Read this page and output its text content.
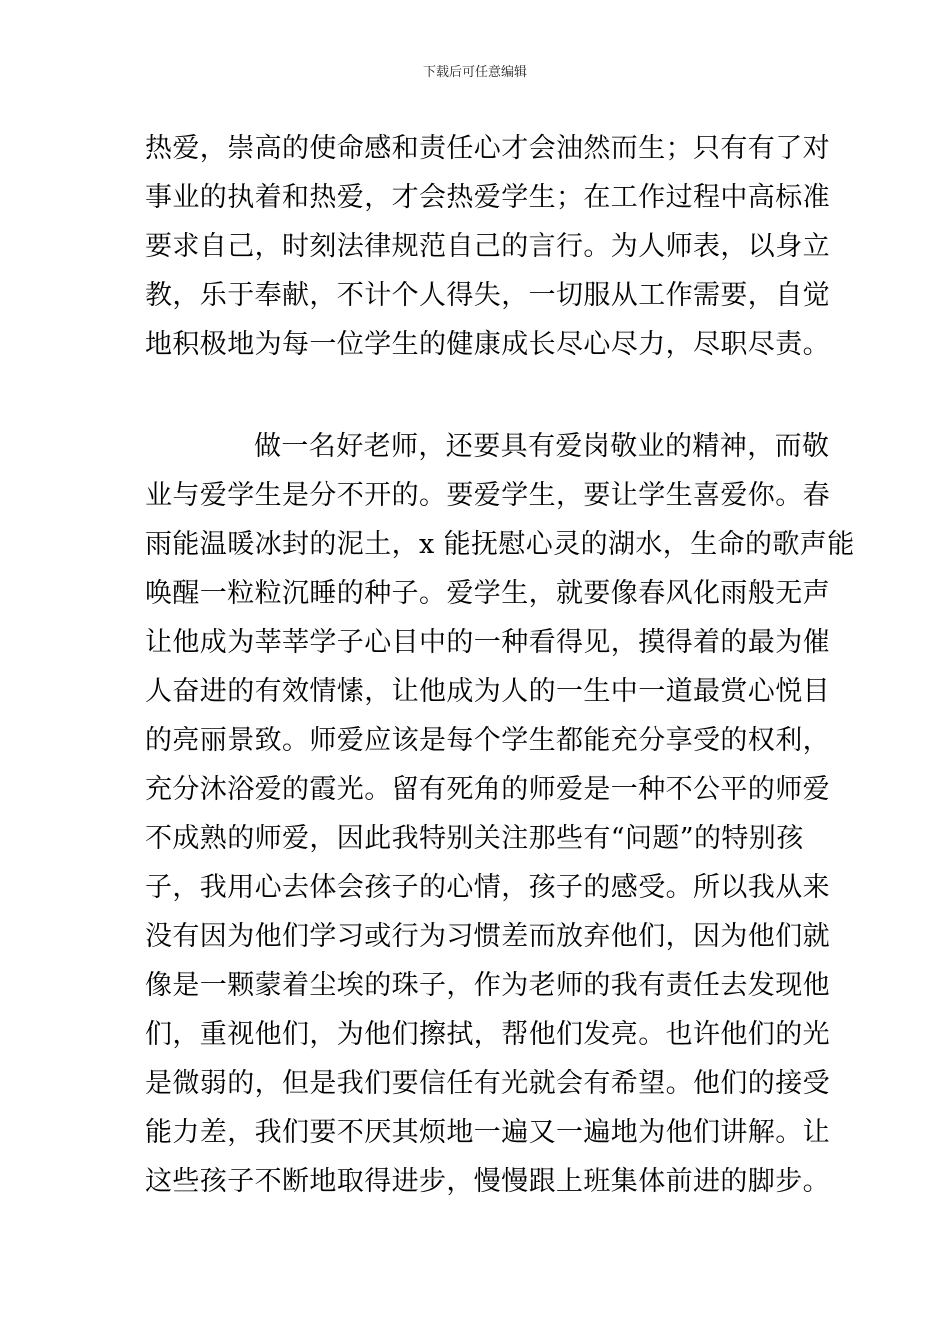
下载后可任意编辑
热爱，崇高的使命感和责任心才会油然而生；只有有了对
事业的执着和热爱，才会热爱学生；在工作过程中高标准
要求自己，时刻法律规范自己的言行。为人师表，以身立
教，乐于奉献，不计个人得失，一切服从工作需要，自觉
地积极地为每一位学生的健康成长尽心尽力，尽职尽责。
做一名好老师，还要具有爱岗敬业的精神，而敬
业与爱学生是分不开的。要爱学生，要让学生喜爱你。春
雨能温暖冰封的泥土，x 能抚慰心灵的湖水，生命的歌声能
唤醒一粒粒沉睡的种子。爱学生，就要像春风化雨般无声
让他成为莘莘学子心目中的一种看得见，摸得着的最为催
人奋进的有效情愫，让他成为人的一生中一道最赏心悦目
的亮丽景致。师爱应该是每个学生都能充分享受的权利，
充分沐浴爱的霞光。留有死角的师爱是一种不公平的师爱
不成熟的师爱，因此我特别关注那些有“问题”的特别孩
子，我用心去体会孩子的心情，孩子的感受。所以我从来
没有因为他们学习或行为习惯差而放弃他们，因为他们就
像是一颗蒙着尘埃的珠子，作为老师的我有责任去发现他
们，重视他们，为他们擦拭，帮他们发亮。也许他们的光
是微弱的，但是我们要信任有光就会有希望。他们的接受
能力差，我们要不厌其烦地一遍又一遍地为他们讲解。让
这些孩子不断地取得进步，慢慢跟上班集体前进的脚步。
